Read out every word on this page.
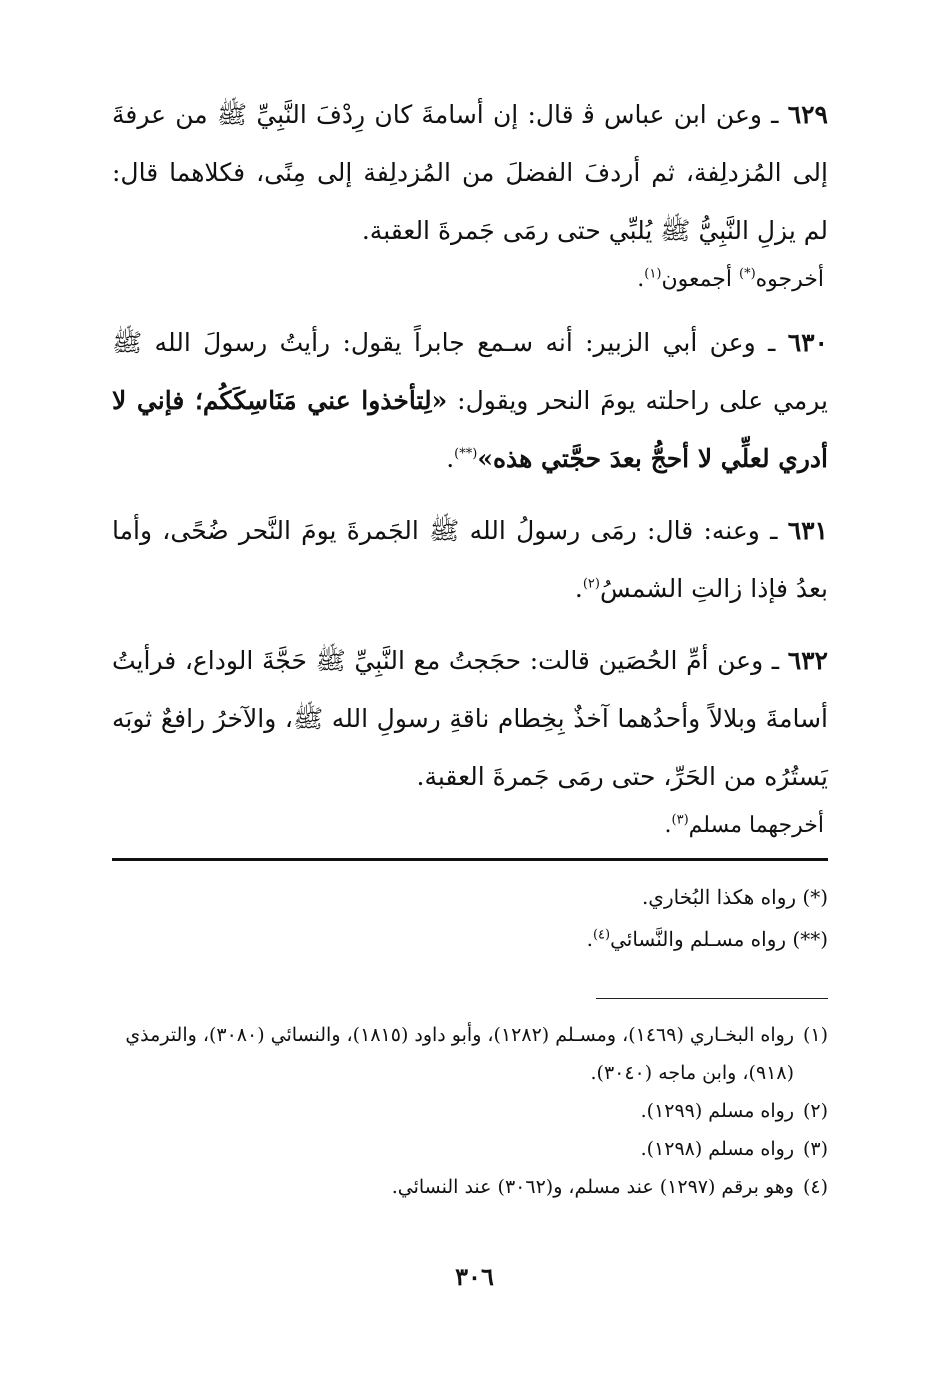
٦٢٩ ـ وعن ابن عباس ﭬ قال: إن أسامةَ كان رِدْفَ النَّبِيِّ ﷺ من عرفةَ إلى المُزدلِفة، ثم أردفَ الفضلَ من المُزدلِفة إلى مِنًى، فكلاهما قال: لم يزلِ النَّبِيُّ ﷺ يُلبِّي حتى رمَى جَمرةَ العقبة.

أخرجوه(*) أجمعون$^{(١)}$.

٦٣٠ ـ وعن أبي الزبير: أنه سـمع جابراً يقول: رأيتُ رسولَ الله ﷺ يرمي على راحلته يومَ النحر ويقول: «لِتأخذوا عني مَنَاسِكَكُم؛ فإني لا أدري لعلِّي لا أحجُّ بعدَ حجَّتي هذه»(**).

٦٣١ ـ وعنه: قال: رمَى رسولُ الله ﷺ الجَمرةَ يومَ النَّحر ضُحًى، وأما بعدُ فإذا زالتِ الشمسُ$^{(٢)}$.

٦٣٢ ـ وعن أمِّ الحُصَين قالت: حجَجتُ مع النَّبِيِّ ﷺ حَجَّةَ الوداع، فرأيتُ أسامةَ وبلالاً وأحدُهما آخذٌ بِخِطام ناقةِ رسولِ الله ﷺ، والآخرُ رافعٌ ثوبَه يَستُرُه من الحَرِّ، حتى رمَى جَمرةَ العقبة.

أخرجهما مسلم$^{(٣)}$.

(*) رواه هكذا البُخاري.
(**) رواه مسـلم والنَّسائي$^{(٤)}$.

(١)رواه البخـاري (١٤٦٩)، ومسـلم (١٢٨٢)، وأبو داود (١٨١٥)، والنسائي (٣٠٨٠)، والترمذي (٩١٨)، وابن ماجه (٣٠٤٠).

(٢)رواه مسلم (١٢٩٩).

(٣)رواه مسلم (١٢٩٨).

(٤)وهو برقم (١٢٩٧) عند مسلم، و(٣٠٦٢) عند النسائي.

٣٠٦
